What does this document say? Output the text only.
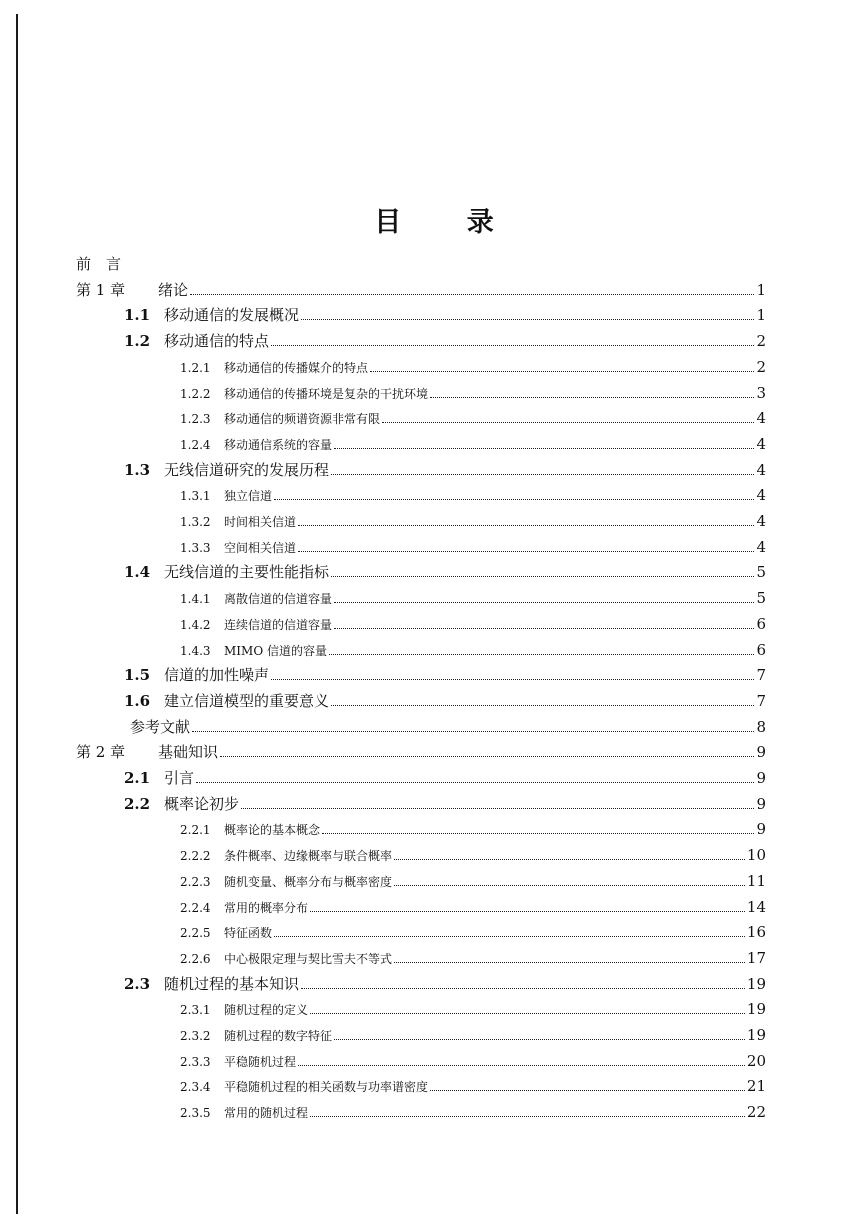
目 录
前　言
第 1 章	绪论	1
1.1 移动通信的发展概况	1
1.2 移动通信的特点	2
1.2.1	移动通信的传播媒介的特点	2
1.2.2	移动通信的传播环境是复杂的干扰环境	3
1.2.3	移动通信的频谱资源非常有限	4
1.2.4	移动通信系统的容量	4
1.3 无线信道研究的发展历程	4
1.3.1	独立信道	4
1.3.2	时间相关信道	4
1.3.3	空间相关信道	4
1.4 无线信道的主要性能指标	5
1.4.1	离散信道的信道容量	5
1.4.2	连续信道的信道容量	6
1.4.3	MIMO 信道的容量	6
1.5 信道的加性噪声	7
1.6 建立信道模型的重要意义	7
参考文献	8
第 2 章	基础知识	9
2.1 引言	9
2.2 概率论初步	9
2.2.1	概率论的基本概念	9
2.2.2	条件概率、边缘概率与联合概率	10
2.2.3	随机变量、概率分布与概率密度	11
2.2.4	常用的概率分布	14
2.2.5	特征函数	16
2.2.6	中心极限定理与契比雪夫不等式	17
2.3 随机过程的基本知识	19
2.3.1	随机过程的定义	19
2.3.2	随机过程的数字特征	19
2.3.3	平稳随机过程	20
2.3.4	平稳随机过程的相关函数与功率谱密度	21
2.3.5	常用的随机过程	22
